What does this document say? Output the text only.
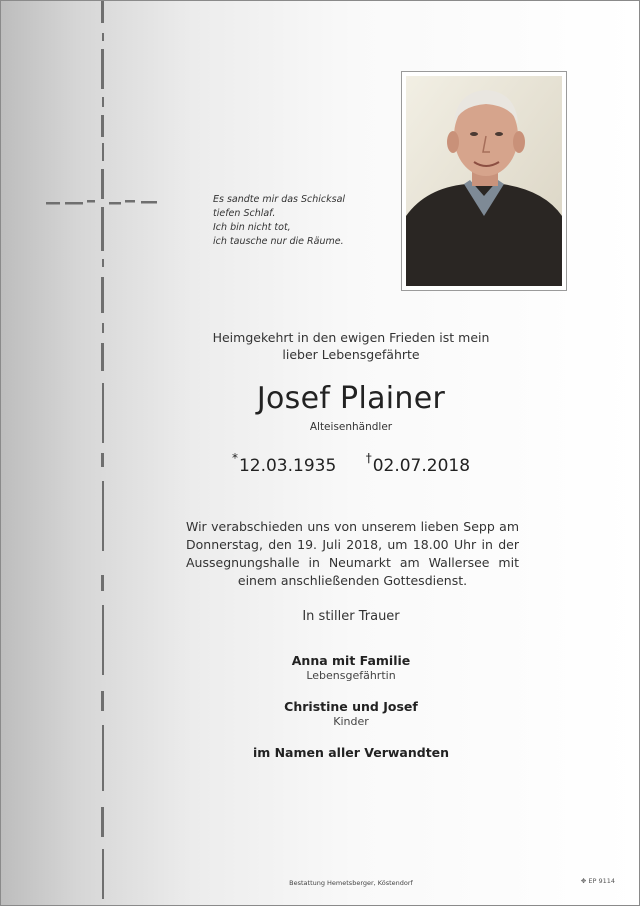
Es sandte mir das Schicksal
tiefen Schlaf.
Ich bin nicht tot,
ich tausche nur die Räume.
Heimgekehrt in den ewigen Frieden ist mein
lieber Lebensgefährte
Josef Plainer
Alteisenhändler
*12.03.1935 †02.07.2018
Wir verabschieden uns von unserem lieben Sepp am Donnerstag, den 19. Juli 2018, um 18.00 Uhr in der Aussegnungshalle in Neumarkt am Wallersee mit einem anschließenden Gottesdienst.
In stiller Trauer
Anna mit Familie
Lebensgefährtin
Christine und Josef
Kinder
im Namen aller Verwandten
Bestattung Hemetsberger, Köstendorf	✥ EP 9114
